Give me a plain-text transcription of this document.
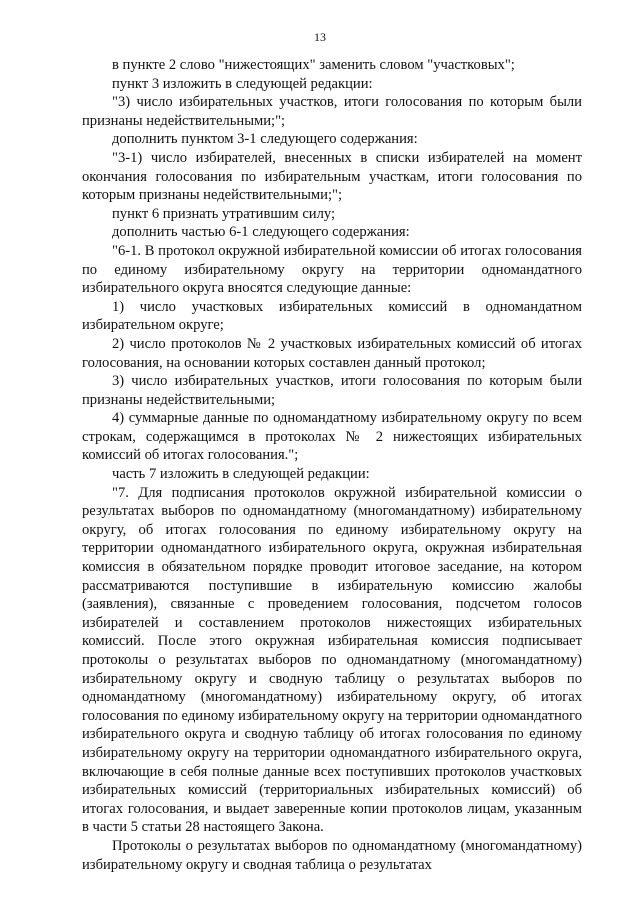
13

в пункте 2 слово "нижестоящих" заменить словом "участковых";

пункт 3 изложить в следующей редакции:

"3) число избирательных участков, итоги голосования по которым были признаны недействительными;";

дополнить пунктом 3-1 следующего содержания:

"3-1) число избирателей, внесенных в списки избирателей на момент окончания голосования по избирательным участкам, итоги голосования по которым признаны недействительными;";

пункт 6 признать утратившим силу;

дополнить частью 6-1 следующего содержания:

"6-1. В протокол окружной избирательной комиссии об итогах голосования по единому избирательному округу на территории одномандатного избирательного округа вносятся следующие данные:

1) число участковых избирательных комиссий в одномандатном избирательном округе;

2) число протоколов № 2 участковых избирательных комиссий об итогах голосования, на основании которых составлен данный протокол;

3) число избирательных участков, итоги голосования по которым были признаны недействительными;

4) суммарные данные по одномандатному избирательному округу по всем строкам, содержащимся в протоколах № 2 нижестоящих избирательных комиссий об итогах голосования.";

часть 7 изложить в следующей редакции:

"7. Для подписания протоколов окружной избирательной комиссии о результатах выборов по одномандатному (многомандатному) избирательному округу, об итогах голосования по единому избирательному округу на территории одномандатного избирательного округа, окружная избирательная комиссия в обязательном порядке проводит итоговое заседание, на котором рассматриваются поступившие в избирательную комиссию жалобы (заявления), связанные с проведением голосования, подсчетом голосов избирателей и составлением протоколов нижестоящих избирательных комиссий. После этого окружная избирательная комиссия подписывает протоколы о результатах выборов по одномандатному (многомандатному) избирательному округу и сводную таблицу о результатах выборов по одномандатному (многомандатному) избирательному округу, об итогах голосования по единому избирательному округу на территории одномандатного избирательного округа и сводную таблицу об итогах голосования по единому избирательному округу на территории одномандатного избирательного округа, включающие в себя полные данные всех поступивших протоколов участковых избирательных комиссий (территориальных избирательных комиссий) об итогах голосования, и выдает заверенные копии протоколов лицам, указанным в части 5 статьи 28 настоящего Закона.

Протоколы о результатах выборов по одномандатному (многомандатному) избирательному округу и сводная таблица о результатах
